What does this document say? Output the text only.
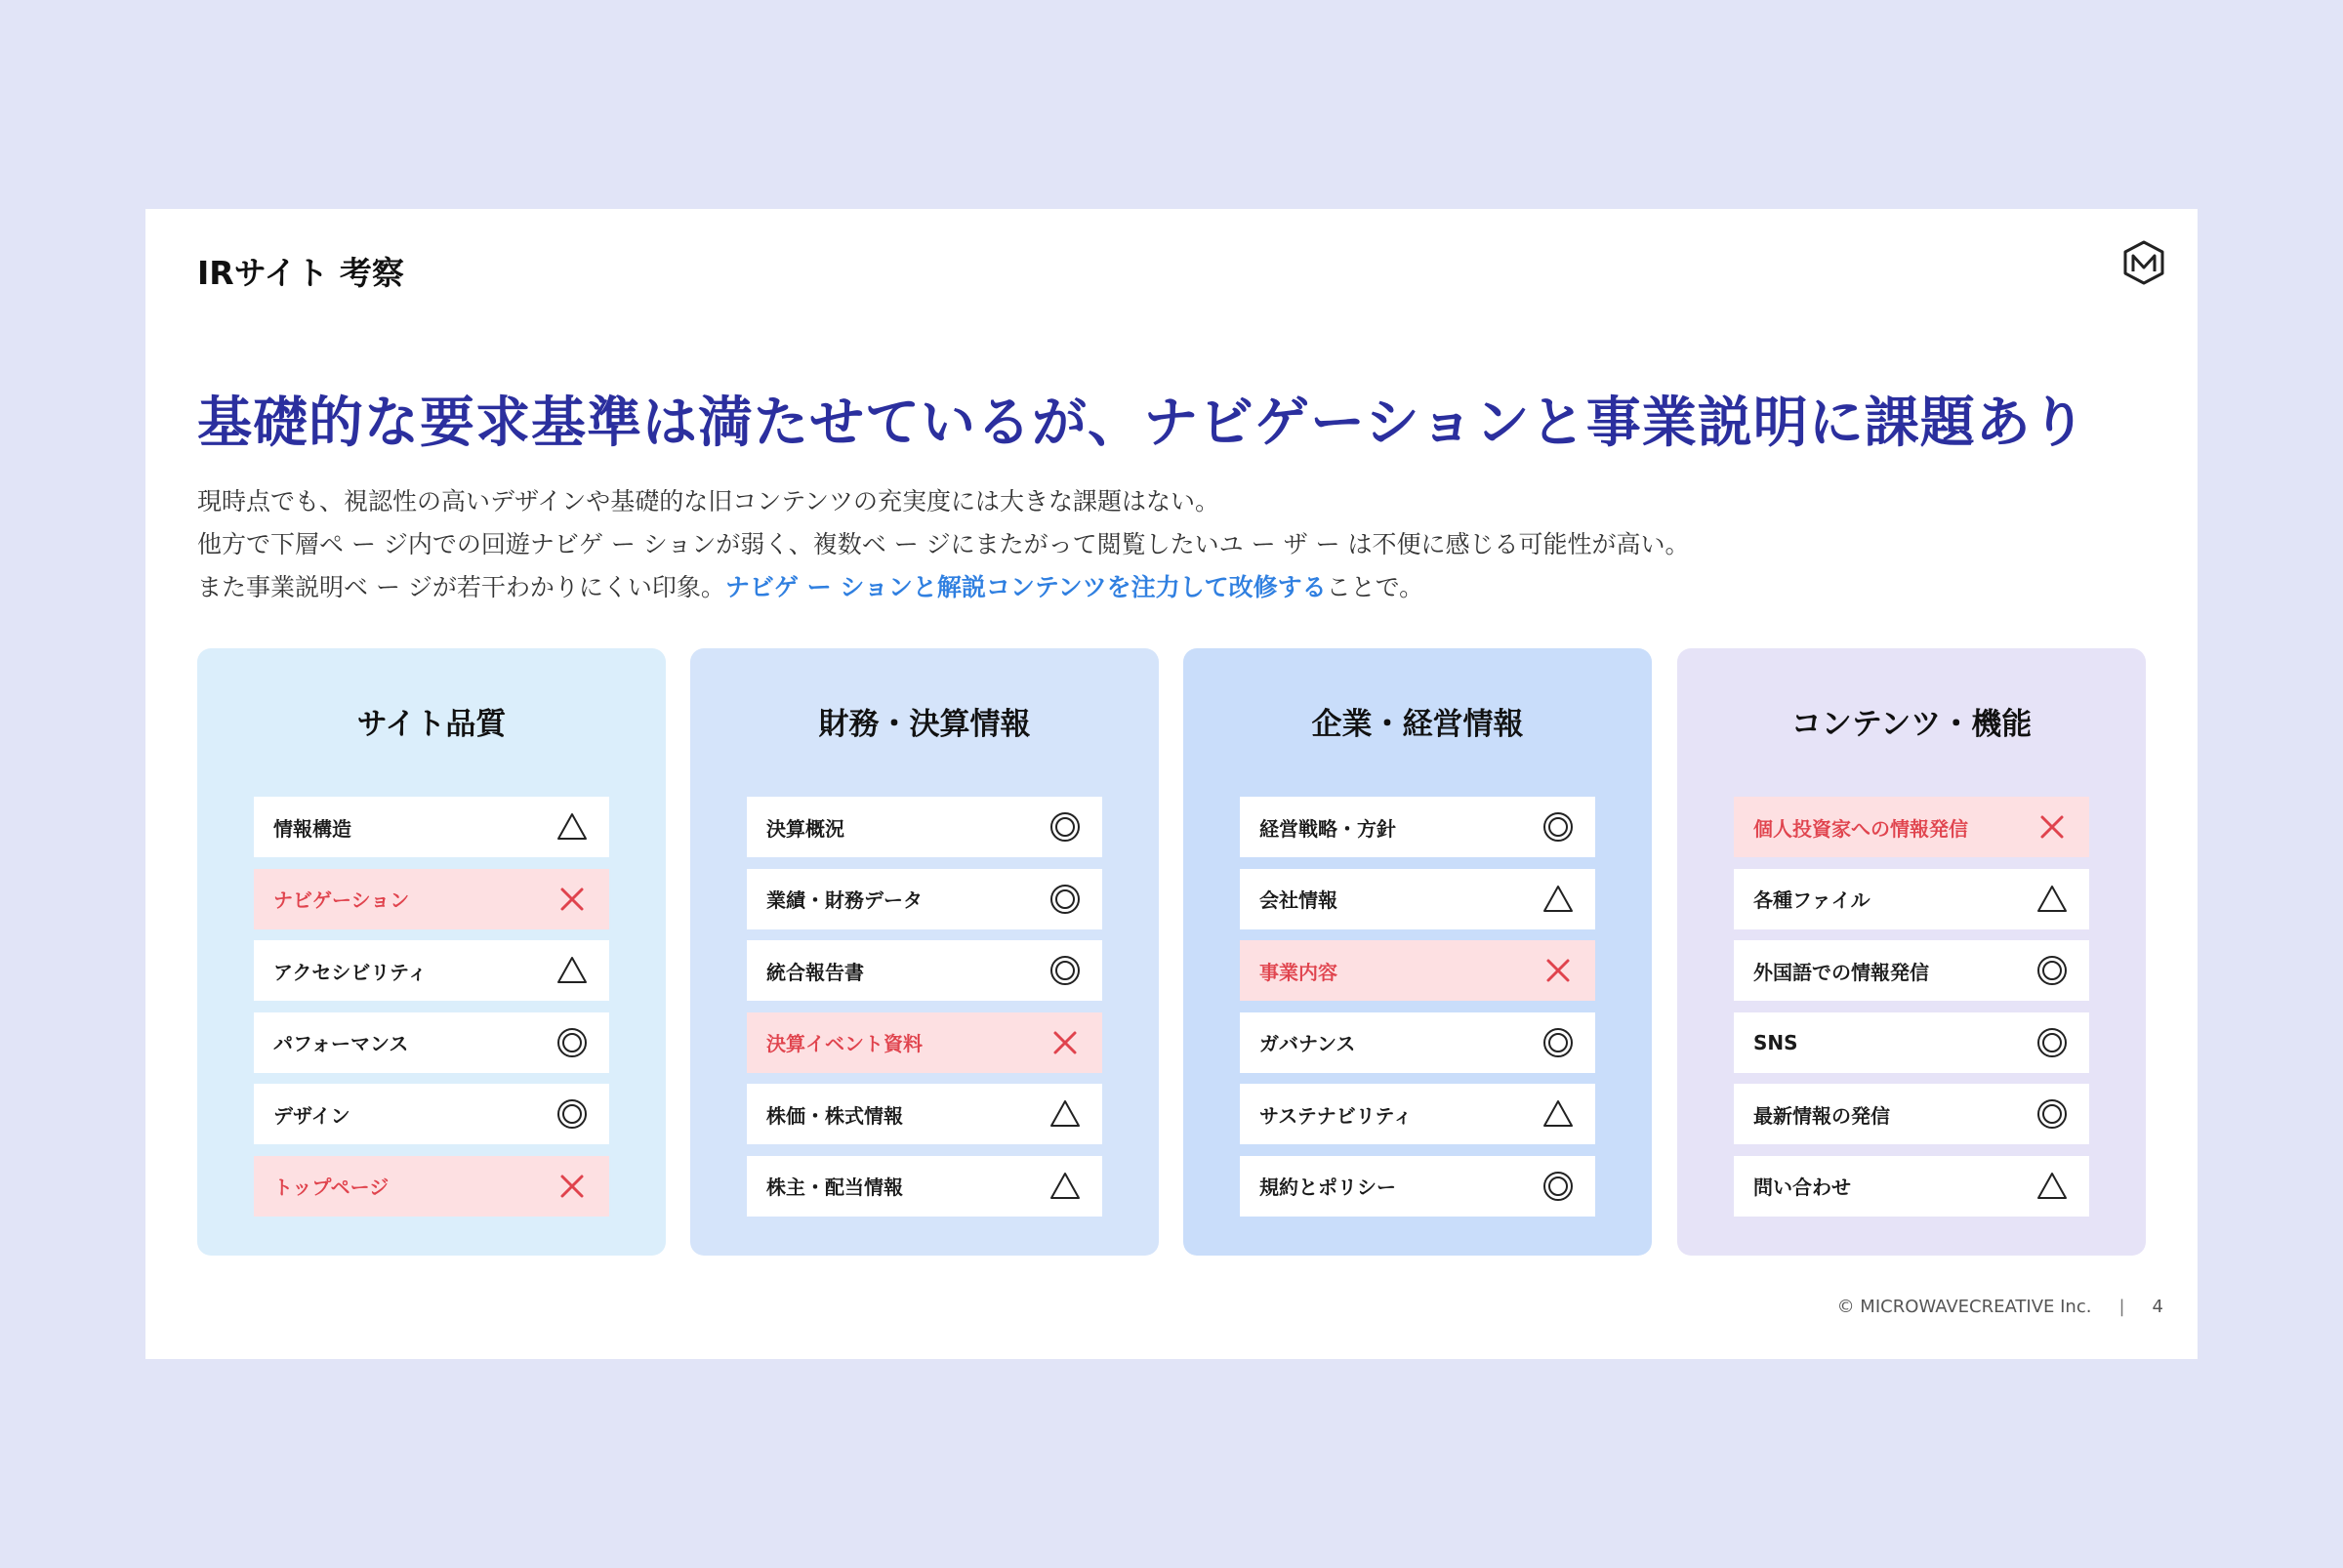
IRサイト 考察
基礎的な要求基準は満たせているが、ナビゲーションと事業説明に課題あり
現時点でも、視認性の高いデザインや基礎的な旧コンテンツの充実度には大きな課題はない。
他方で下層ペ ー ジ内での回遊ナビゲ ー ションが弱く、複数ベ ー ジにまたがって閲覧したいユ ー ザ ー は不便に感じる可能性が高い。
また事業説明ベ ー ジが若干わかりにくい印象。ナビゲ ー ションと解説コンテンツを注力して改修することで。
サイト品質
情報構造
ナビゲーション
アクセシビリティ
パフォーマンス
デザイン
トップページ
財務・決算情報
決算概況
業績・財務データ
統合報告書
決算イベント資料
株価・株式情報
株主・配当情報
企業・経営情報
経営戦略・方針
会社情報
事業内容
ガバナンス
サステナビリティ
規約とポリシー
コンテンツ・機能
個人投資家への情報発信
各種ファイル
外国語での情報発信
SNS
最新情報の発信
問い合わせ
© MICROWAVECREATIVE Inc. | 4
